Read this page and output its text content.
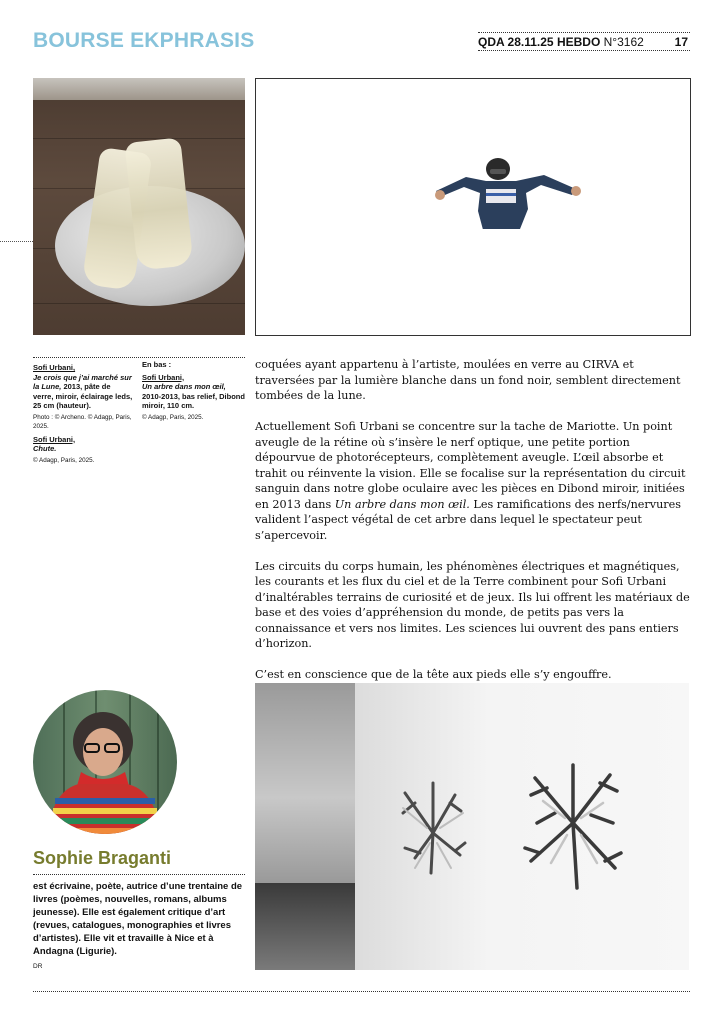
BOURSE EKPHRASIS	QDA 28.11.25 HEBDO N°3162	17
Sofi Urbani,
Je crois que j’ai marché sur la Lune, 2013, pâte de verre, miroir, éclairage leds, 25 cm (hauteur).
Photo : © Archeno. © Adagp, Paris, 2025.
Sofi Urbani,
Chute.
© Adagp, Paris, 2025.
En bas :
Sofi Urbani,
Un arbre dans mon œil, 2010-2013, bas relief, Dibond miroir, 110 cm.
© Adagp, Paris, 2025.

coquées ayant appartenu à l’artiste, moulées en verre au CIRVA et traversées par la lumière blanche dans un fond noir, semblent directement tombées de la lune.

Actuellement Sofi Urbani se concentre sur la tache de Mariotte. Un point aveugle de la rétine où s’insère le nerf optique, une petite portion dépourvue de photorécepteurs, complètement aveugle. L’œil absorbe et trahit ou réinvente la vision. Elle se focalise sur la représentation du circuit sanguin dans notre globe oculaire avec les pièces en Dibond miroir, initiées en 2013 dans Un arbre dans mon œil. Les ramifications des nerfs/nervures valident l’aspect végétal de cet arbre dans lequel le spectateur peut s’apercevoir.

Les circuits du corps humain, les phénomènes électriques et magnétiques, les courants et les flux du ciel et de la Terre combinent pour Sofi Urbani d’inaltérables terrains de curiosité et de jeux. Ils lui offrent les matériaux de base et des voies d’appréhension du monde, de petits pas vers la connaissance et vers nos limites. Les sciences lui ouvrent des pans entiers d’horizon.

C’est en conscience que de la tête aux pieds elle s’y engouffre.

Sophie Braganti
est écrivaine, poète, autrice d’une trentaine de livres (poèmes, nouvelles, romans, albums jeunesse). Elle est également critique d’art (revues, catalogues, monographies et livres d’artistes). Elle vit et travaille à Nice et à Andagna (Ligurie).
DR
